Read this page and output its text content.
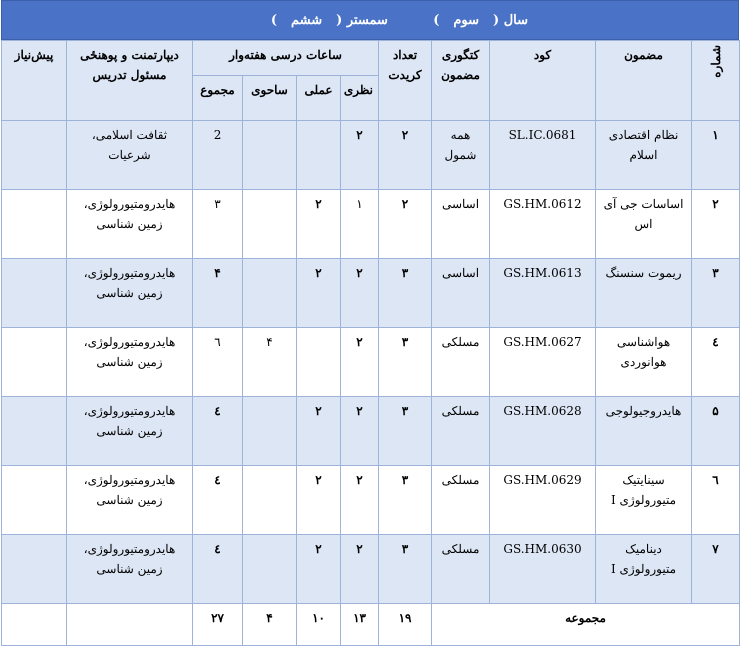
سال (
سوم
)          سمستر (
ششم
)
شماره	مضمون	کود	کتگوری مضمون	تعداد کریدت	ساعات درسی هفته‌وار				دیپارتمنت و پوهنځی مسئول تدریس	پیش‌نیاز
					نظری	عملی	ساحوی	مجموع		
۱	نظام اقتصادی اسلام	SL.IC.0681	همه شمول	۲	۲			2	ثقافت اسلامی، شرعیات	
۲	اساسات جی آی اس	GS.HM.0612	اساسی	۲	۱	۲		۳	هایدرومتیورولوژی، زمین شناسی	
۳	ریموت سنسنگ	GS.HM.0613	اساسی	۳	۲	۲		۴	هایدرومتیورولوژی، زمین شناسی	
٤	هواشناسی هوانوردی	GS.HM.0627	مسلکی	۳	۲		۴	٦	هایدرومتیورولوژی، زمین شناسی	
۵	هایدروجیولوجی	GS.HM.0628	مسلکی	۳	۲	۲		٤	هایدرومتیورولوژی، زمین شناسی	
٦	سینایتیک متیورولوژی I	GS.HM.0629	مسلکی	۳	۲	۲		٤	هایدرومتیورولوژی، زمین شناسی	
۷	دینامیک متیورولوژی I	GS.HM.0630	مسلکی	۳	۲	۲		٤	هایدرومتیورولوژی، زمین شناسی	
مجموعه				۱۹	۱۳	۱۰	۴	۲۷		
